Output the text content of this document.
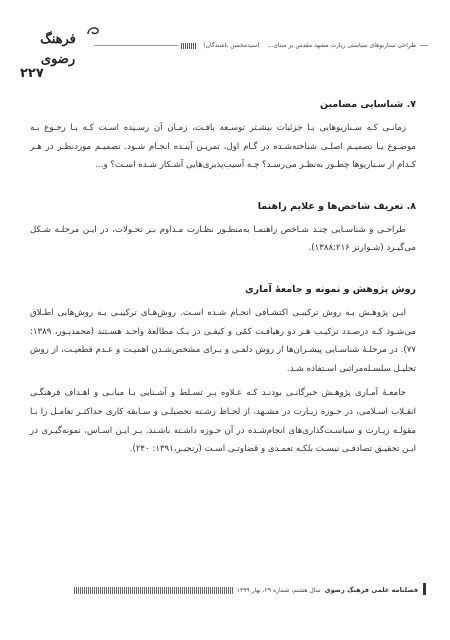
طراحی سناریوهای سیاستی زیارت مشهد مقدس بر مبنای...
(سیدمحسن باشندگان)
فرهنگ رضوی
۲۲۷
۷. شناسایی مضامین

زمانـی کـه سـناریوهایی بـا جزئیات بیشـتر توسـعه یافـت، زمـان آن رسـیده اسـت کـه بـا رجـوع بـه موضـوع یـا تصمیـم اصلـی شناخته‌شـده در گـام اول، تمریـن آینـده انجـام شـود. تصمیـم موردنظـر در هـر کـدام از سـناریوها چطـور به‌نظـر می‌رسـد؟ چـه آسیب‌پذیری‌هایی آشـکار شـده اسـت؟ و...

۸. تعریف شاخص‌ها و علایم راهنما

طراحـی و شناسـایی چنـد شـاخص راهنمـا به‌منظـور نظـارت مـداوم بـر تحـولات، در ایـن مرحلـه شـکل می‌گیـرد (شـوارتز ۱۳۸۸:۲۱۶).

روش پژوهش و نمونه و جامعهٔ آماری

ایـن پژوهـش بـه روش ترکیبـی اکتشـافی انجـام شـده اسـت. روش‌هـای ترکیبـی بـه روش‌هایی اطـلاق می‌شـود کـه درصـدد ترکیـب هـر دو رهیافـت کمّی و کیفـی در یـک مطالعهٔ واحـد هسـتند (محمدپـور، ۱۳۸۹: ۷۷). در مرحلـهٔ شناسـایی پیشـران‌ها از روش دلفـی و بـرای مشخص‌شـدن اهمیـت و عـدم قطعیـت، از روش تحلیـل سلسـله‌مراتبی اسـتفاده شـد.

جامعـهٔ آمـاری پژوهـش خبرگانـی بودنـد کـه عـلاوه بـر تسـلط و آشـنایی بـا مبانـی و اهـداف فرهنگـی انقـلاب اسـلامی، در حـوزه زیـارت در مشـهد، از لحـاظ رشـته تحصیلـی و سـابقه کاری حداکثـر تعامـل را بـا مقولـه زیـارت و سیاسـت‌گذاری‌های انجام‌شـده در آن حـوزه داشـته باشـند. بـر ایـن اسـاس، نمونه‌گیـری در ایـن تحقیـق تصادفـی نیسـت بلکـه تعمـدی و قضاوتـی اسـت (رنجبـر،۱۳۹۱: ۲۴۰).

فصلنامه علمی فرهنگ رضوی
سال هشتم، شماره ۲۹، بهار ۱۳۹۹
